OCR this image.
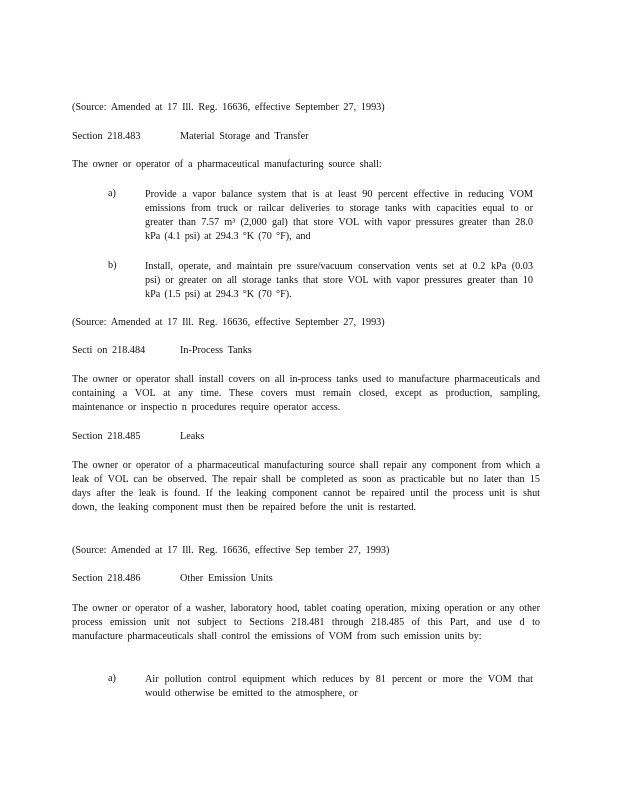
(Source: Amended at 17 Ill. Reg. 16636, effective September 27, 1993)
Section 218.483	Material Storage and Transfer
The owner or operator of a pharmaceutical manufacturing source shall:
a)	Provide a vapor balance system that is at least 90 percent effective in reducing VOM emissions from truck or railcar deliveries to storage tanks with capacities equal to or greater than 7.57 m³ (2,000 gal) that store VOL with vapor pressures greater than 28.0 kPa (4.1 psi) at 294.3 °K (70 °F), and
b)	Install, operate, and maintain pre ssure/vacuum conservation vents set at 0.2 kPa (0.03 psi) or greater on all storage tanks that store VOL with vapor pressures greater than 10 kPa (1.5 psi) at 294.3 °K (70 °F).
(Source: Amended at 17 Ill. Reg. 16636, effective September 27, 1993)
Secti on 218.484	In-Process Tanks
The owner or operator shall install covers on all in-process tanks used to manufacture pharmaceuticals and containing a VOL at any time. These covers must remain closed, except as production, sampling, maintenance or inspectio n procedures require operator access.
Section 218.485	Leaks
The owner or operator of a pharmaceutical manufacturing source shall repair any component from which a leak of VOL can be observed. The repair shall be completed as soon as practicable but no later than 15 days after the leak is found. If the leaking component cannot be repaired until the process unit is shut down, the leaking component must then be repaired before the unit is restarted.
(Source: Amended at 17 Ill. Reg. 16636, effective Sep tember 27, 1993)
Section 218.486	Other Emission Units
The owner or operator of a washer, laboratory hood, tablet coating operation, mixing operation or any other process emission unit not subject to Sections 218.481 through 218.485 of this Part, and use d to manufacture pharmaceuticals shall control the emissions of VOM from such emission units by:
a)	Air pollution control equipment which reduces by 81 percent or more the VOM that would otherwise be emitted to the atmosphere, or
